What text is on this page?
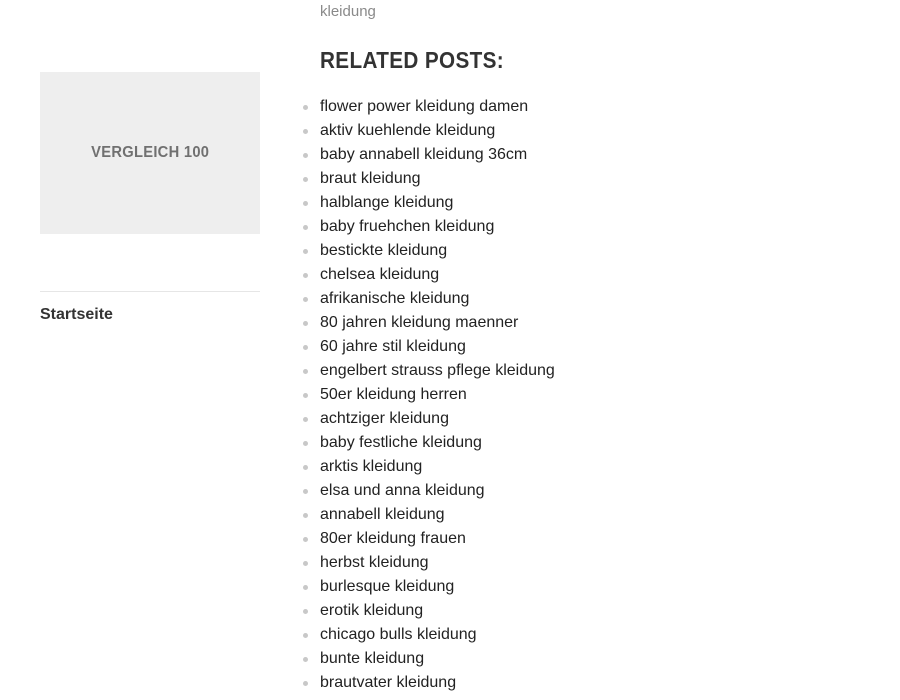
VERGLEICH 100
Startseite
kleidung
RELATED POSTS:
flower power kleidung damen
aktiv kuehlende kleidung
baby annabell kleidung 36cm
braut kleidung
halblange kleidung
baby fruehchen kleidung
bestickte kleidung
chelsea kleidung
afrikanische kleidung
80 jahren kleidung maenner
60 jahre stil kleidung
engelbert strauss pflege kleidung
50er kleidung herren
achtziger kleidung
baby festliche kleidung
arktis kleidung
elsa und anna kleidung
annabell kleidung
80er kleidung frauen
herbst kleidung
burlesque kleidung
erotik kleidung
chicago bulls kleidung
bunte kleidung
brautvater kleidung
